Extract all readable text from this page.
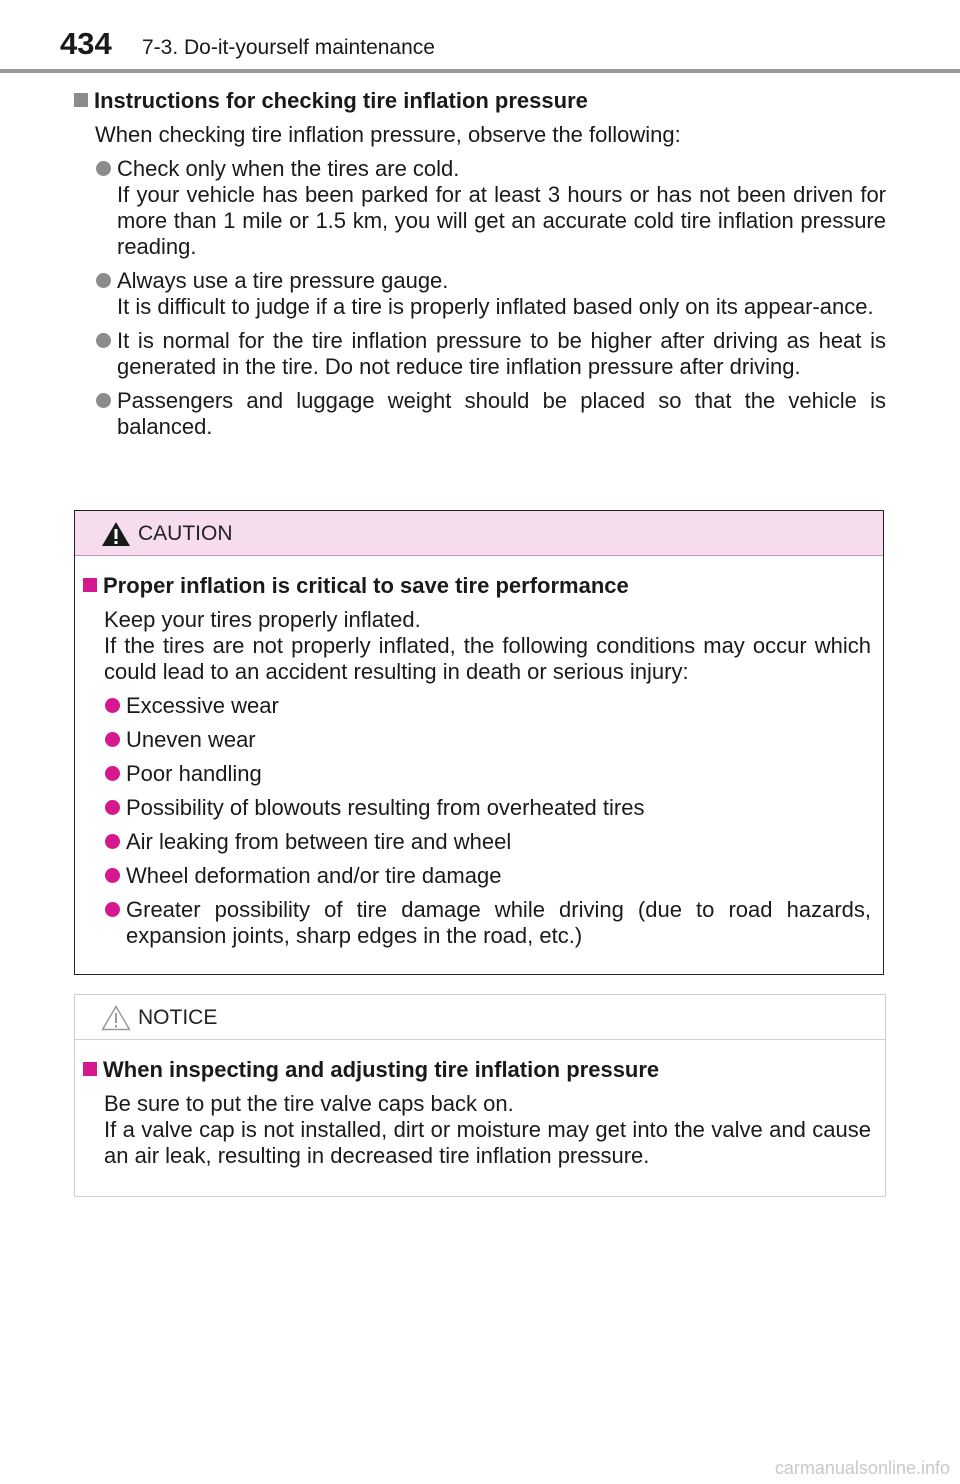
434 7-3. Do-it-yourself maintenance
Instructions for checking tire inflation pressure
When checking tire inflation pressure, observe the following:
Check only when the tires are cold.
If your vehicle has been parked for at least 3 hours or has not been driven for more than 1 mile or 1.5 km, you will get an accurate cold tire inflation pressure reading.
Always use a tire pressure gauge.
It is difficult to judge if a tire is properly inflated based only on its appear-ance.
It is normal for the tire inflation pressure to be higher after driving as heat is generated in the tire. Do not reduce tire inflation pressure after driving.
Passengers and luggage weight should be placed so that the vehicle is balanced.
CAUTION
Proper inflation is critical to save tire performance
Keep your tires properly inflated.
If the tires are not properly inflated, the following conditions may occur which could lead to an accident resulting in death or serious injury:
Excessive wear
Uneven wear
Poor handling
Possibility of blowouts resulting from overheated tires
Air leaking from between tire and wheel
Wheel deformation and/or tire damage
Greater possibility of tire damage while driving (due to road hazards, expansion joints, sharp edges in the road, etc.)
NOTICE
When inspecting and adjusting tire inflation pressure
Be sure to put the tire valve caps back on.
If a valve cap is not installed, dirt or moisture may get into the valve and cause an air leak, resulting in decreased tire inflation pressure.
carmanualsonline.info
